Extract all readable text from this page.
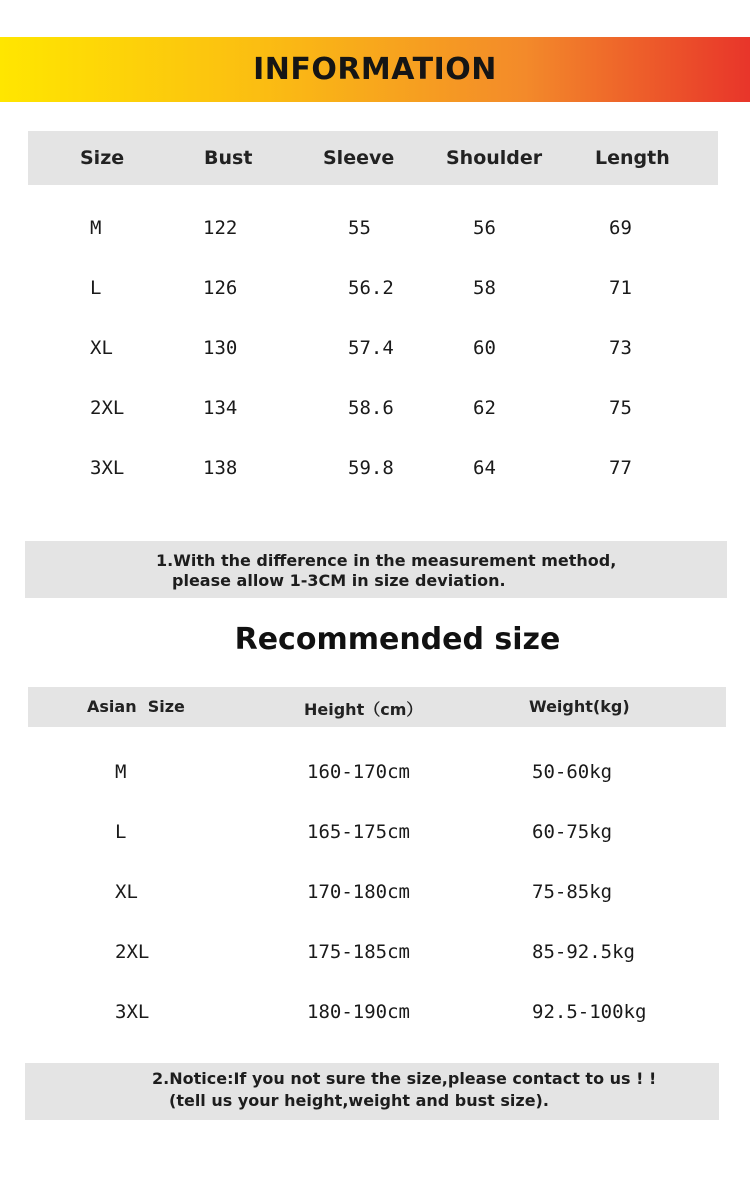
INFORMATION
Size	Bust	Sleeve	Shoulder	Length
M	122	55	56	69
L	126	56.2	58	71
XL	130	57.4	60	73
2XL	134	58.6	62	75
3XL	138	59.8	64	77
1.With the difference in the measurement method,
please allow 1-3CM in size deviation.
Recommended size
Asian  Size	Height（cm）	Weight(kg)
M	160-170cm	50-60kg
L	165-175cm	60-75kg
XL	170-180cm	75-85kg
2XL	175-185cm	85-92.5kg
3XL	180-190cm	92.5-100kg
2.Notice:If you not sure the size,please contact to us ! !
(tell us your height,weight and bust size).
